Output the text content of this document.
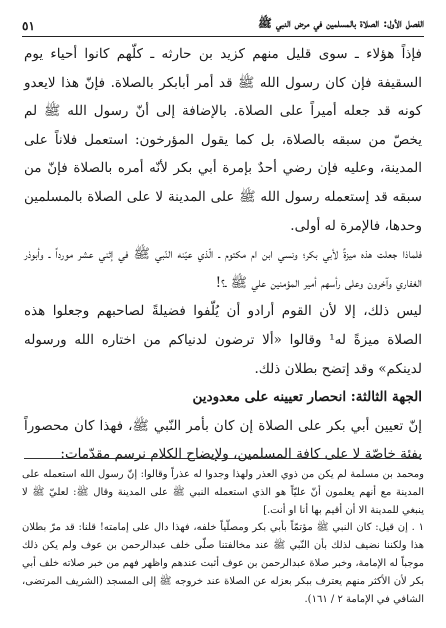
الفصل الأول: الصلاة بالمسلمين في مرض النبي ﷺ
٥١

فإذاً هؤلاء ـ سوى قليل منهم كزيد بن حارثه ـ كلّهم كانوا أحياء يوم السقيفة فإن كان رسول الله ﷺ قد أمر أبابكر بالصلاة. فإنّ هذا لايعدو كونه قد جعله أميراً على الصلاة. بالإضافة إلى أنّ رسول الله ﷺ لم يخصّ من سبقه بالصلاة، بل كما يقول المؤرخون: استعمل فلاناً على المدينة، وعليه فإن رضي أحدٌ بإمرة أبي بكر لأنّه أمره بالصلاة فإنّ من سبقه قد إستعمله رسول الله ﷺ على المدينة لا على الصلاة بالمسلمين وحدها، فالإمرة له أولى.

فلماذا جعلت هذه ميزةً لأبي بكر؛ ونسي ابن ام مكتوم ـ الّذي عيّنه النّبي ﷺ في إثني عشر مورداً ـ وأبوذر الغفاري وآخرون وعلى رأسهم أمير المؤمنين علي ﷺ ـ؟!

ليس ذلك، إلا لأن القوم أرادو أن يُلّفوا فضيلةً لصاحبهم وجعلوا هذه الصلاة ميزةً له¹ وقالوا «ألا ترضون لدنياكم من اختاره الله ورسوله لدينكم» وقد إتضح بطلان ذلك.

الجهة الثالثة: انحصار تعيينه على معدودين

إنّ تعيين أبي بكر على الصلاة إن كان بأمر النّبي ﷺ، فهذا كان محصوراً بفئة خاصّة لا على كافة المسلمين، ولإيضاح الكلام نرسم مقدّمات:

ومحمد بن مسلمة لم يكن من ذوي العذر ولهذا وجدوا له عذراً وقالوا: إنّ رسول الله استعمله على المدينة مع أنهم يعلمون أنّ عليّاً هو الذي استعمله النبي ﷺ على المدينة وقال ﷺ: لعليّ ﷺ لا ينبغي للمدينة الا أن أقيم بها أنا او أنت.]

١ . إن قيل: كان النبي ﷺ مؤتمّاً بأبي بكر ومصلّياً خلفه، فهذا دال على إمامته! قلنا: قد مرّ بطلان هذا ولكننا نضيف لذلك بأن النّبي ﷺ عند مخالفتنا صلّى خلف عبدالرحمن بن عوف ولم يكن ذلك موجباً له الإمامة، وخبر صلاة عبدالرحمن بن عوف أثبت عندهم واظهر فهم من خبر صلاته خلف أبي بكر لأن الأكثر منهم يعترف ببكر بعزله عن الصلاة عند خروجه ﷺ إلى المسجد (الشريف المرتضى، الشافي في الإمامة ٢ / ١٦١).
